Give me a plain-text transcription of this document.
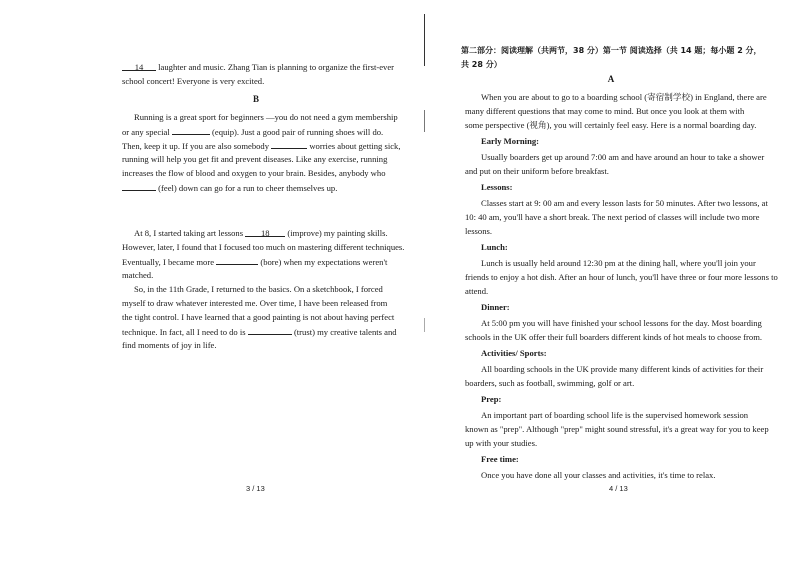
14 laughter and music. Zhang Tian is planning to organize the first-ever

school concert! Everyone is very excited.

B

Running is a great sport for beginners —you do not need a gym membership

or any special	(equip). Just a good pair of running shoes will do.

Then, keep it up. If you are also somebody	worries about getting sick,

running will help you get fit and prevent diseases. Like any exercise, running

increases the flow of blood and oxygen to your brain. Besides, anybody who

(feel) down can go for a run to cheer themselves up.

At 8, I started taking art lessons 18 (improve) my painting skills.

However, later, I found that I focused too much on mastering different techniques.

Eventually, I became more	(bore) when my expectations weren't

matched.

So, in the 11th Grade, I returned to the basics. On a sketchbook, I forced

myself to draw whatever interested me. Over time, I have been released from

the tight control. I have learned that a good painting is not about having perfect

technique. In fact, all I need to do is	(trust) my creative talents and

find moments of joy in life.

3 / 13

第二部分：阅读理解（共两节，38 分）第一节 阅读选择（共 14 题；每小题 2 分，

共 28 分）

A

When you are about to go to a boarding school (寄宿制学校) in England, there are

many different questions that may come to mind. But once you look at them with

some perspective (视角), you will certainly feel easy. Here is a normal boarding day.

Early Morning:

Usually boarders get up around 7:00 am and have around an hour to take a shower

and put on their uniform before breakfast.

Lessons:

Classes start at 9: 00 am and every lesson lasts for 50 minutes. After two lessons, at

10: 40 am, you'll have a short break. The next period of classes will include two more

lessons.

Lunch:

Lunch is usually held around 12:30 pm at the dining hall, where you'll join your

friends to enjoy a hot dish. After an hour of lunch, you'll have three or four more lessons to

attend.

Dinner:

At 5:00 pm you will have finished your school lessons for the day. Most boarding

schools in the UK offer their full boarders different kinds of hot meals to choose from.

Activities/ Sports:

All boarding schools in the UK provide many different kinds of activities for their

boarders, such as football, swimming, golf or art.

Prep:

An important part of boarding school life is the supervised homework session

known as "prep". Although "prep" might sound stressful, it's a great way for you to keep

up with your studies.

Free time:

Once you have done all your classes and activities, it's time to relax.

4 / 13
